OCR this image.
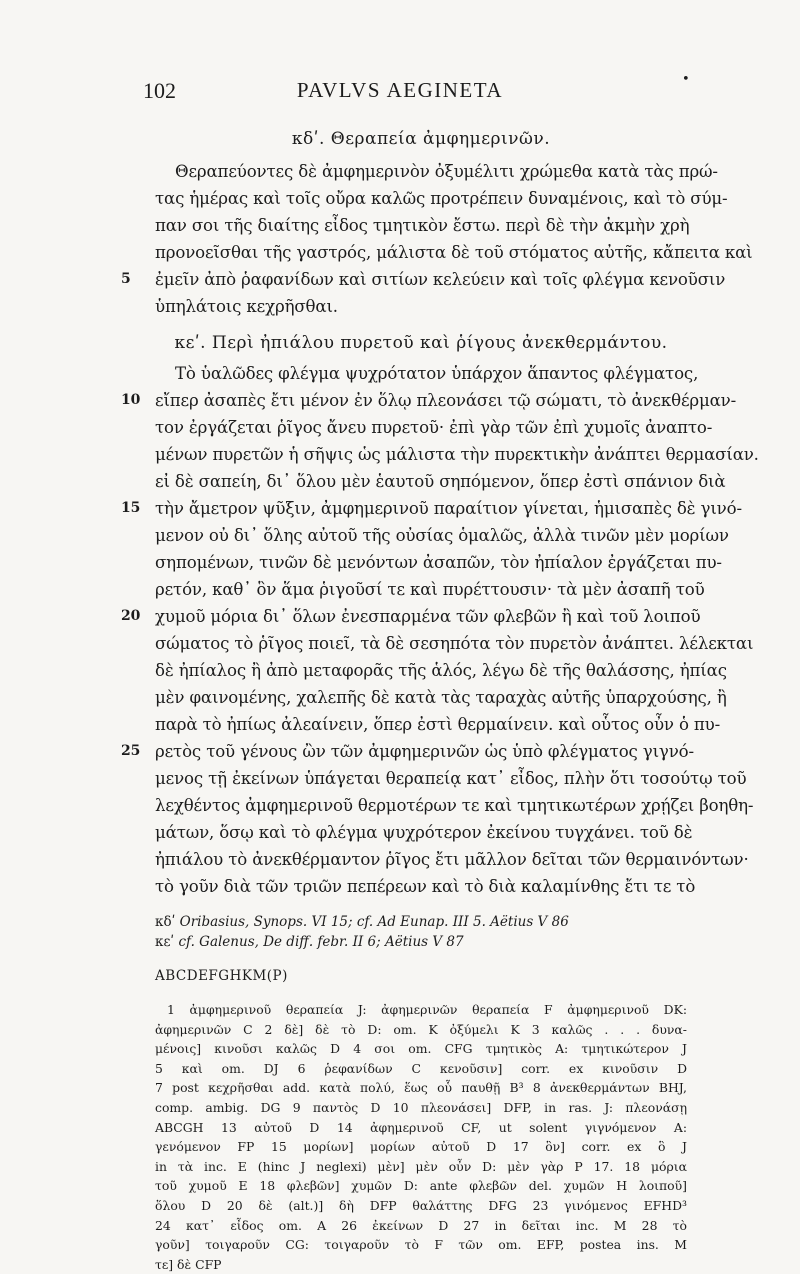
102	PAVLVS AEGINETA	•
κδʹ. Θεραπεία ἀμφημερινῶν.
Θεραπεύοντες δὲ ἀμφημερινὸν ὀξυμέλιτι χρώμεθα κατὰ τὰς πρώ-
τας ἡμέρας καὶ τοῖς οὔρα καλῶς προτρέπειν δυναμένοις, καὶ τὸ σύμ-
παν σοι τῆς διαίτης εἶδος τμητικὸν ἔστω. περὶ δὲ τὴν ἀκμὴν χρὴ
προνοεῖσθαι τῆς γαστρός, μάλιστα δὲ τοῦ στόματος αὐτῆς, κἄπειτα καὶ
5	ἐμεῖν ἀπὸ ῥαφανίδων καὶ σιτίων κελεύειν καὶ τοῖς φλέγμα κενοῦσιν
ὑπηλάτοις κεχρῆσθαι.
κεʹ. Περὶ ἠπιάλου πυρετοῦ καὶ ῥίγους ἀνεκθερμάντου.
Τὸ ὑαλῶδες φλέγμα ψυχρότατον ὑπάρχον ἅπαντος φλέγματος,
10 εἴπερ ἀσαπὲς ἔτι μένον ἐν ὅλῳ πλεονάσει τῷ σώματι, τὸ ἀνεκθέρμαν-
τον ἐργάζεται ῥῖγος ἄνευ πυρετοῦ· ἐπὶ γὰρ τῶν ἐπὶ χυμοῖς ἀναπτο-
μένων πυρετῶν ἡ σῆψις ὡς μάλιστα τὴν πυρεκτικὴν ἀνάπτει θερμασίαν.
εἰ δὲ σαπείη, δι᾿ ὅλου μὲν ἑαυτοῦ σηπόμενον, ὅπερ ἐστὶ σπάνιον διὰ
15 τὴν ἄμετρον ψῦξιν, ἀμφημερινοῦ παραίτιον γίνεται, ἡμισαπὲς δὲ γινό-
μενον οὐ δι᾿ ὅλης αὐτοῦ τῆς οὐσίας ὁμαλῶς, ἀλλὰ τινῶν μὲν μορίων
σηπομένων, τινῶν δὲ μενόντων ἀσαπῶν, τὸν ἠπίαλον ἐργάζεται πυ-
ρετόν, καθ᾿ ὃν ἅμα ῥιγοῦσί τε καὶ πυρέττουσιν· τὰ μὲν ἀσαπῆ τοῦ
20 χυμοῦ μόρια δι᾿ ὅλων ἐνεσπαρμένα τῶν φλεβῶν ἢ καὶ τοῦ λοιποῦ
σώματος τὸ ῥῖγος ποιεῖ, τὰ δὲ σεσηπότα τὸν πυρετὸν ἀνάπτει. λέλεκται
δὲ ἠπίαλος ἢ ἀπὸ μεταφορᾶς τῆς ἁλός, λέγω δὲ τῆς θαλάσσης, ἠπίας
μὲν φαινομένης, χαλεπῆς δὲ κατὰ τὰς ταραχὰς αὐτῆς ὑπαρχούσης, ἢ
παρὰ τὸ ἠπίως ἀλεαίνειν, ὅπερ ἐστὶ θερμαίνειν. καὶ οὗτος οὖν ὁ πυ-
25 ρετὸς τοῦ γένους ὢν τῶν ἀμφημερινῶν ὡς ὑπὸ φλέγματος γιγνό-
μενος τῇ ἐκείνων ὑπάγεται θεραπείᾳ κατ᾿ εἶδος, πλὴν ὅτι τοσούτῳ τοῦ
λεχθέντος ἀμφημερινοῦ θερμοτέρων τε καὶ τμητικωτέρων χρῄζει βοηθη-
μάτων, ὅσῳ καὶ τὸ φλέγμα ψυχρότερον ἐκείνου τυγχάνει. τοῦ δὲ
ἠπιάλου τὸ ἀνεκθέρμαντον ῥῖγος ἔτι μᾶλλον δεῖται τῶν θερμαινόντων·
τὸ γοῦν διὰ τῶν τριῶν πεπέρεων καὶ τὸ διὰ καλαμίνθης ἔτι τε τὸ
κδʹ Oribasius, Synops. VI 15; cf. Ad Eunap. III 5. Aëtius V 86
κεʹ cf. Galenus, De diff. febr. II 6; Aëtius V 87
ABCDEFGHKM(P)
1 ἀμφημερινοῦ θεραπεία J: ἀφημερινῶν θεραπεία F ἀμφημερινοῦ DK:
ἀφημερινῶν C 2 δὲ] δὲ τὸ D: om. K ὀξύμελι K 3 καλῶς . . . δυνα-
μένοις] κινοῦσι καλῶς D 4 σοι om. CFG τμητικὸς A: τμητικώτερον J
5 καὶ om. DJ 6 ῥεφανίδων C κενοῦσιν] corr. ex κινοῦσιν D
7 post κεχρῆσθαι add. κατὰ πολύ, ἕως οὗ παυθῇ B³ 8 ἀνεκθερμάντων BHJ,
comp. ambig. DG 9 παντὸς D 10 πλεονάσει] DFP, in ras. J: πλεονάσῃ
ABCGH 13 αὐτοῦ D 14 ἀφημερινοῦ CF, ut solent γιγνόμενον A:
γενόμενον FP 15 μορίων] μορίων αὐτοῦ D 17 ὃν] corr. ex ὃ J
in τὰ inc. E (hinc J neglexi) μὲν] μὲν οὖν D: μὲν γὰρ P 17. 18 μόρια
τοῦ χυμοῦ E 18 φλεβῶν] χυμῶν D: ante φλεβῶν del. χυμῶν H λοιποῦ]
ὅλου D 20 δὲ (alt.)] δὴ DFP θαλάττης DFG 23 γινόμενος EFHD³
24 κατ᾿ εἶδος om. A 26 ἐκείνων D 27 in δεῖται inc. M 28 τὸ
γοῦν] τοιγαροῦν CG: τοιγαροῦν τὸ F τῶν om. EFP, postea ins. M
τε] δὲ CFP
